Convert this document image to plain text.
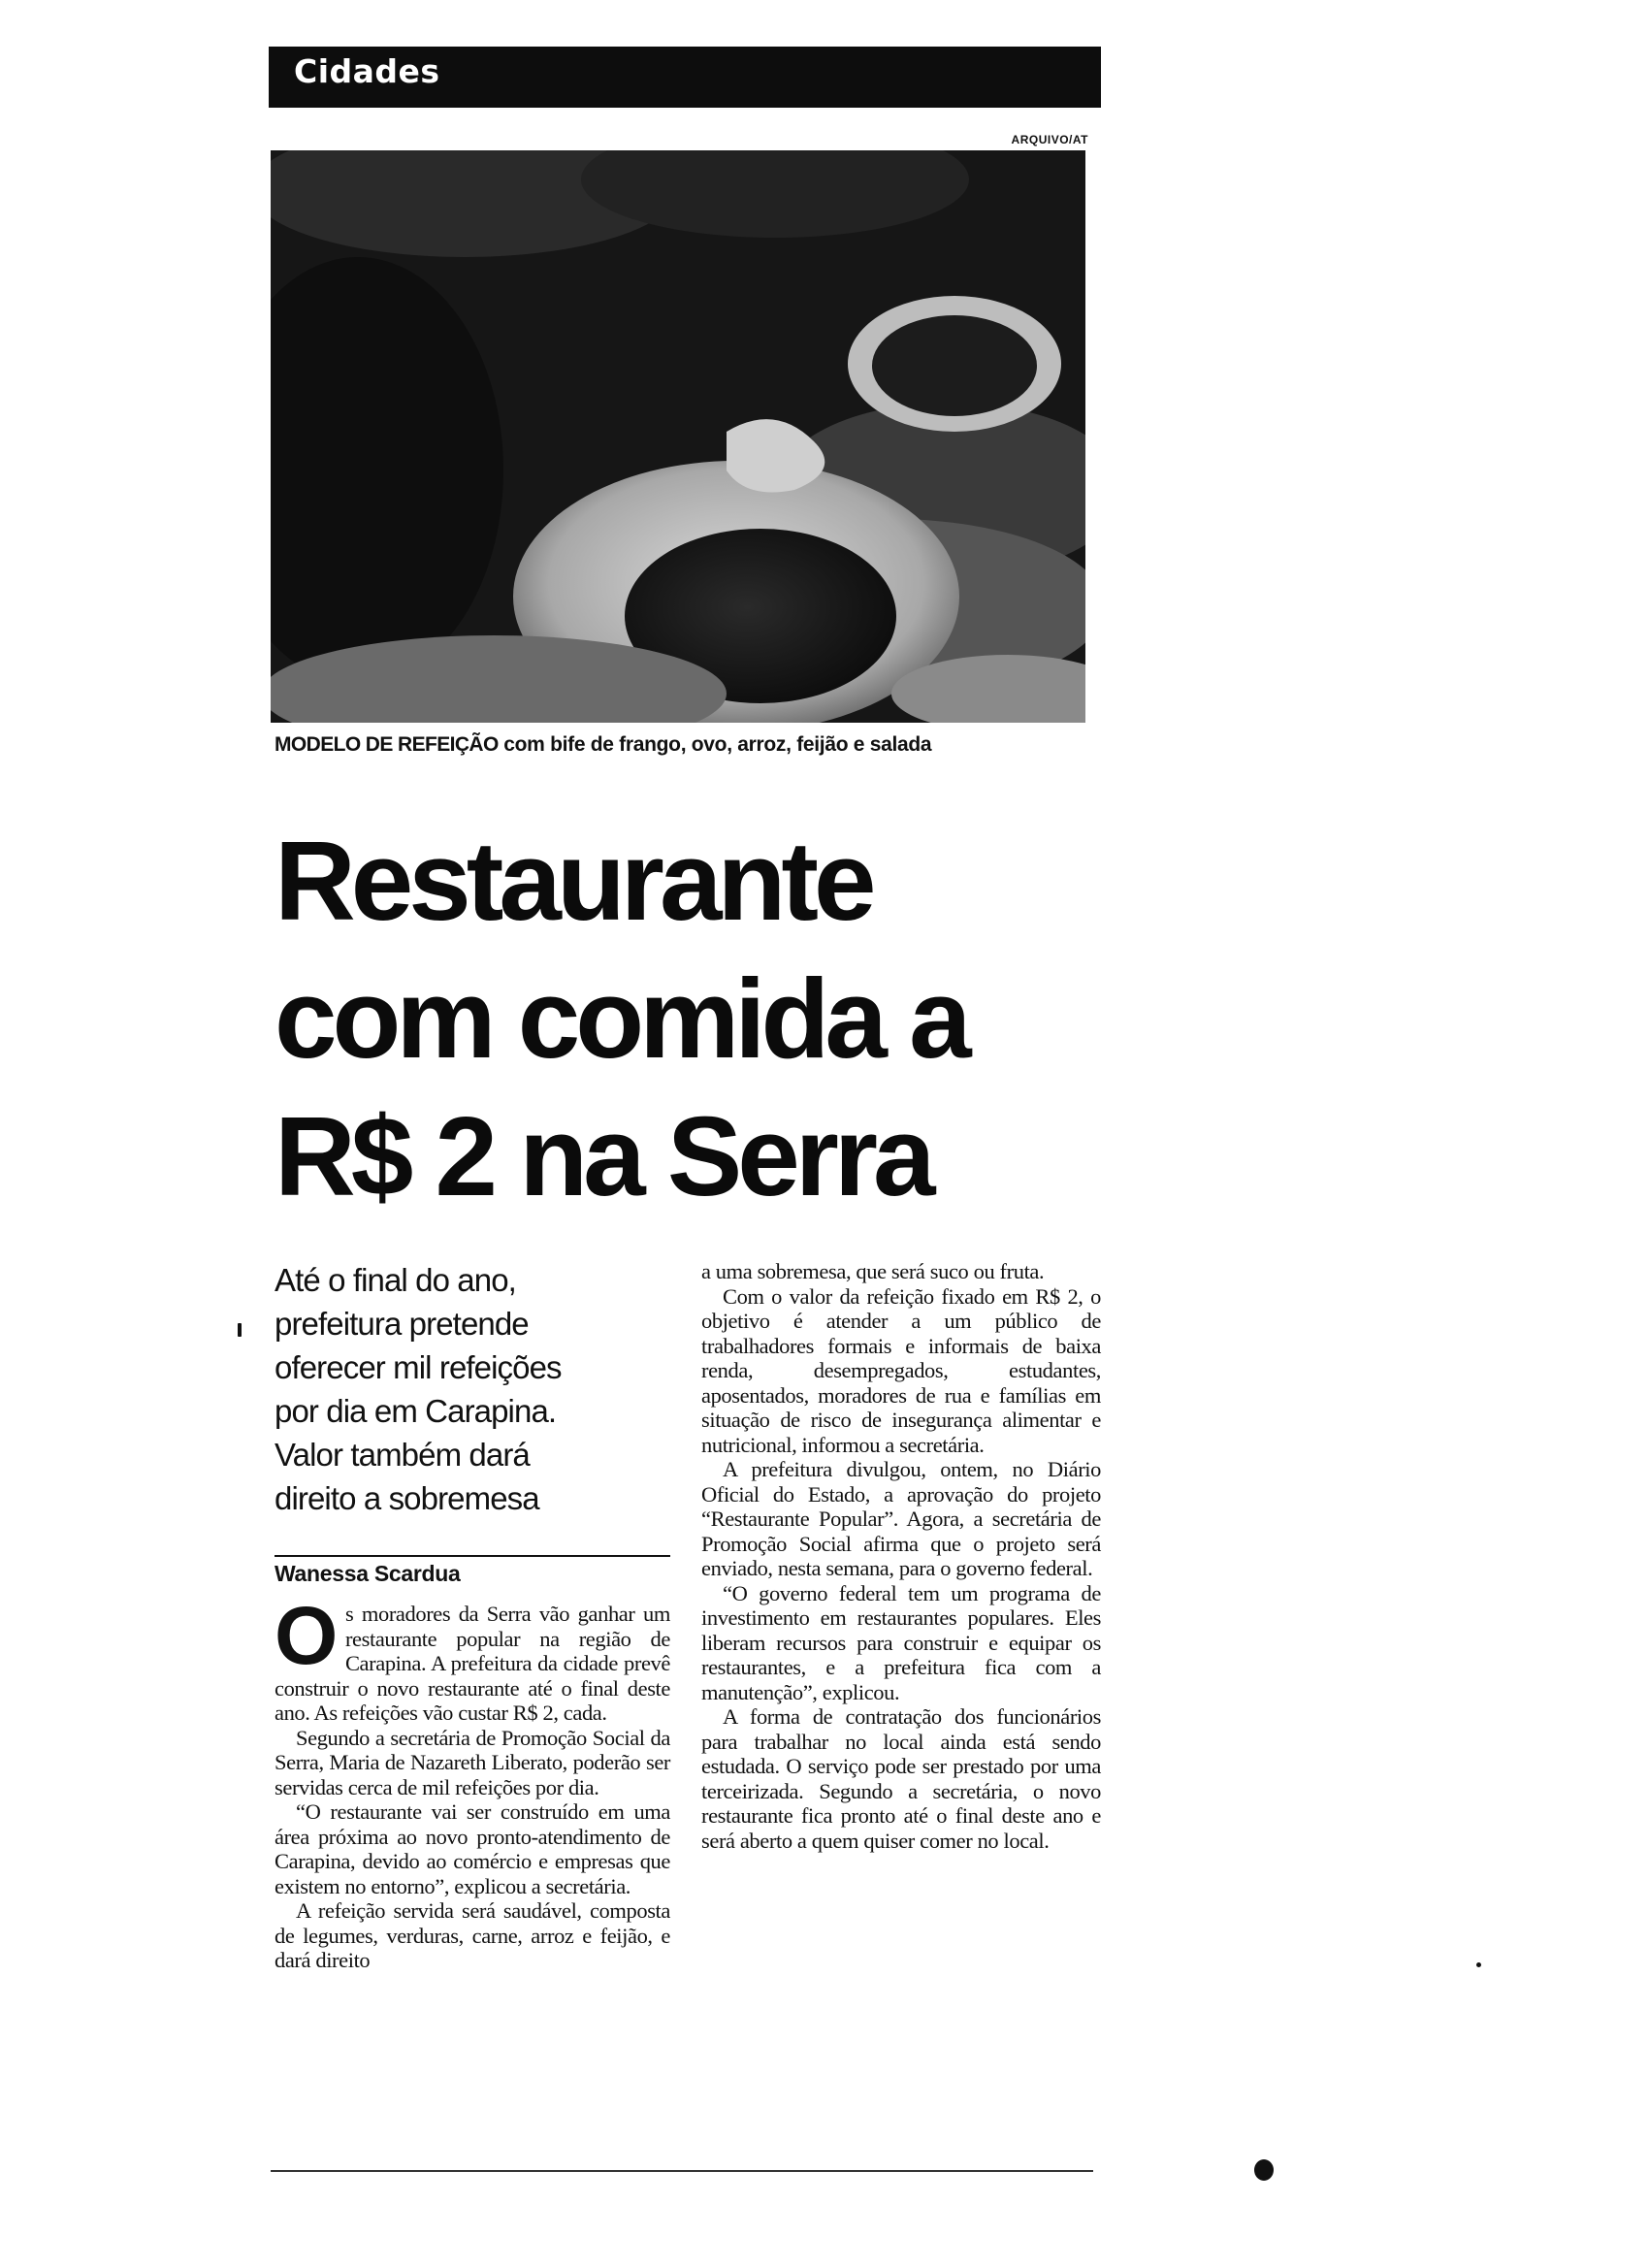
Cidades
ARQUIVO/AT
MODELO DE REFEIÇÃO com bife de frango, ovo, arroz, feijão e salada
Restaurante
com comida a
R$ 2 na Serra

Até o final do ano,
prefeitura pretende
oferecer mil refeições
por dia em Carapina.
Valor também dará
direito a sobremesa

Wanessa Scardua

Os moradores da Serra vão ganhar um restaurante popular na região de Carapina. A prefeitura da cidade prevê construir o novo restaurante até o final deste ano. As refeições vão custar R$ 2, cada.

Segundo a secretária de Promoção Social da Serra, Maria de Nazareth Liberato, poderão ser servidas cerca de mil refeições por dia.

“O restaurante vai ser construído em uma área próxima ao novo pronto-atendimento de Carapina, devido ao comércio e empresas que existem no entorno”, explicou a secretária.

A refeição servida será saudável, composta de legumes, verduras, carne, arroz e feijão, e dará direito

a uma sobremesa, que será suco ou fruta.

Com o valor da refeição fixado em R$ 2, o objetivo é atender a um público de trabalhadores formais e informais de baixa renda, desempregados, estudantes, aposentados, moradores de rua e famílias em situação de risco de insegurança alimentar e nutricional, informou a secretária.

A prefeitura divulgou, ontem, no Diário Oficial do Estado, a aprovação do projeto “Restaurante Popular”. Agora, a secretária de Promoção Social afirma que o projeto será enviado, nesta semana, para o governo federal.

“O governo federal tem um programa de investimento em restaurantes populares. Eles liberam recursos para construir e equipar os restaurantes, e a prefeitura fica com a manutenção”, explicou.

A forma de contratação dos funcionários para trabalhar no local ainda está sendo estudada. O serviço pode ser prestado por uma terceirizada. Segundo a secretária, o novo restaurante fica pronto até o final deste ano e será aberto a quem quiser comer no local.
